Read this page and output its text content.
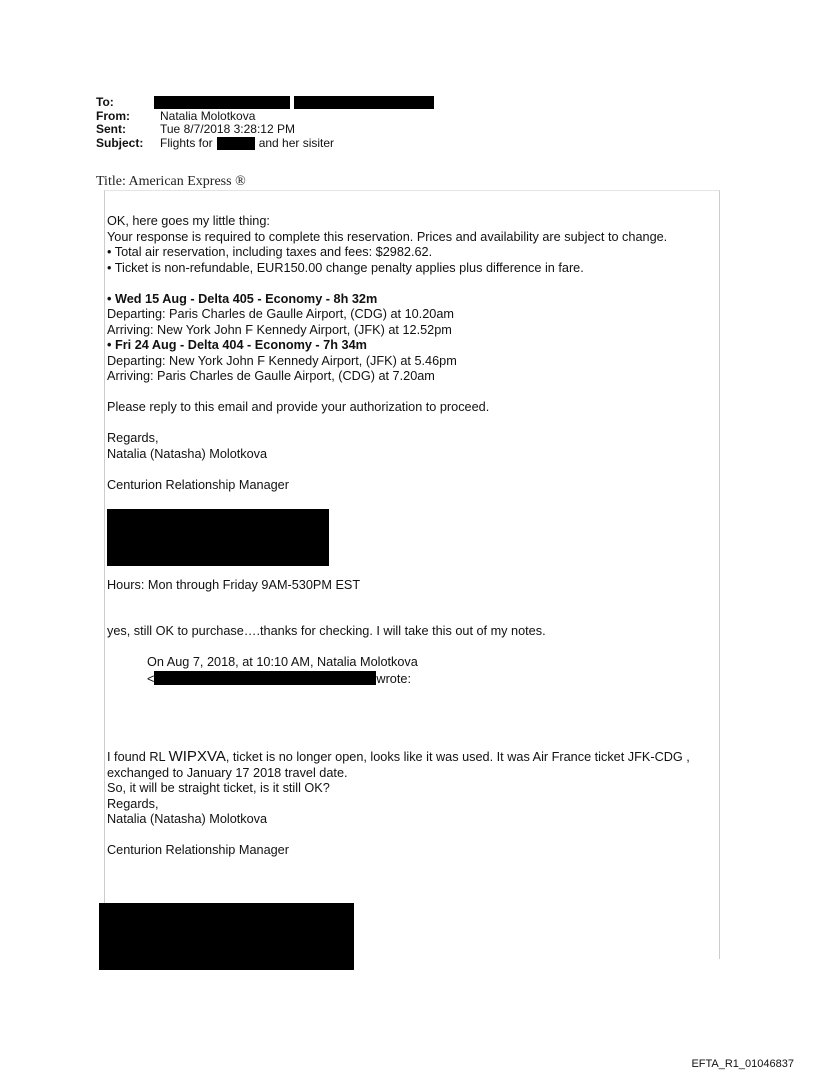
To:
From:	Natalia Molotkova
Sent:	Tue 8/7/2018 3:28:12 PM
Subject:	Flights for	and her sisiter
Title: American Express ®

OK, here goes my little thing:

Your response is required to complete this reservation. Prices and availability are subject to change.

• Total air reservation, including taxes and fees: $2982.62.

• Ticket is non-refundable, EUR150.00 change penalty applies plus difference in fare.

• Wed 15 Aug - Delta 405 - Economy - 8h 32m

Departing: Paris Charles de Gaulle Airport, (CDG) at 10.20am

Arriving: New York John F Kennedy Airport, (JFK) at 12.52pm

• Fri 24 Aug - Delta 404 - Economy - 7h 34m

Departing: New York John F Kennedy Airport, (JFK) at 5.46pm

Arriving: Paris Charles de Gaulle Airport, (CDG) at 7.20am

Please reply to this email and provide your authorization to proceed.

Regards,

Natalia (Natasha) Molotkova

Centurion Relationship Manager

Hours: Mon through Friday 9AM-530PM EST

yes, still OK to purchase….thanks for checking. I will take this out of my notes.

On Aug 7, 2018, at 10:10 AM, Natalia Molotkova

<	wrote:

I found RL WIPXVA, ticket is no longer open, looks like it was used. It was Air France ticket JFK-CDG , exchanged to January 17 2018 travel date.

So, it will be straight ticket, is it still OK?

Regards,

Natalia (Natasha) Molotkova

Centurion Relationship Manager

EFTA_R1_01046837
